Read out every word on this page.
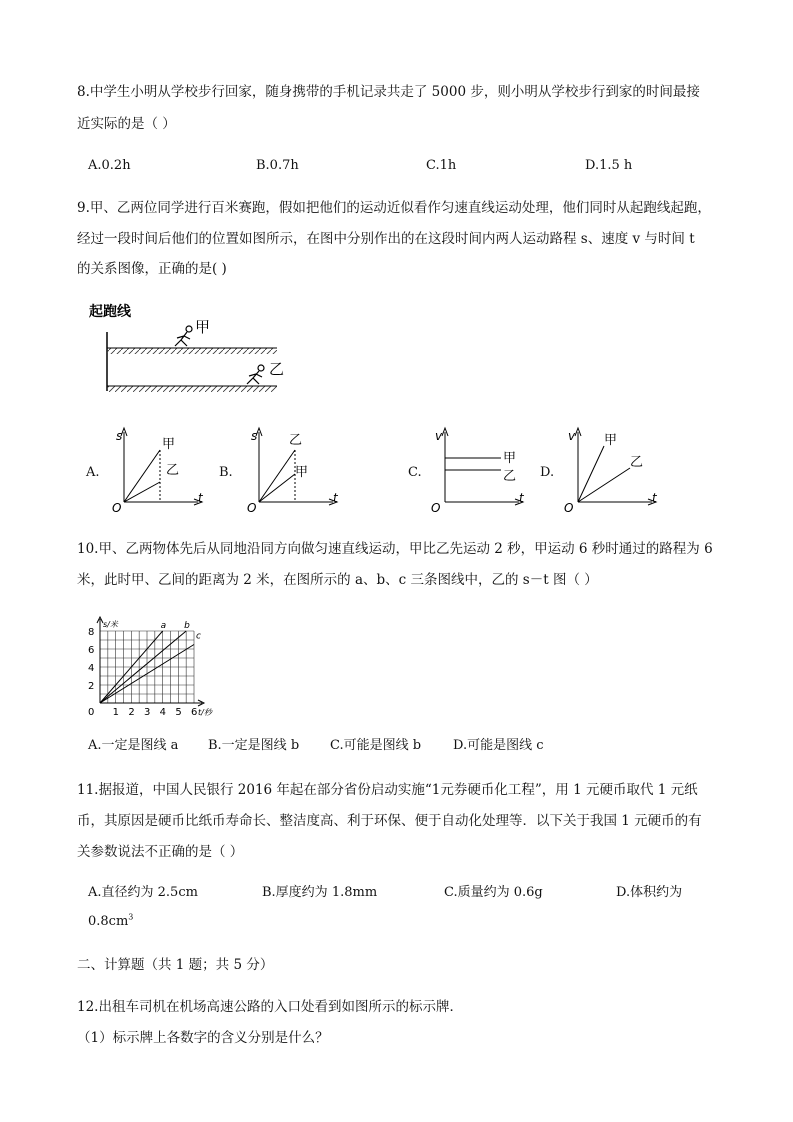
8.中学生小明从学校步行回家，随身携带的手机记录共走了 5000 步，则小明从学校步行到家的时间最接
近实际的是（ ）
A.0.2h	B.0.7h	C.1h	D.1.5 h
9.甲、乙两位同学进行百米赛跑，假如把他们的运动近似看作匀速直线运动处理，他们同时从起跑线起跑，
经过一段时间后他们的位置如图所示，在图中分别作出的在这段时间内两人运动路程 s、速度 v 与时间 t
的关系图像，正确的是( )
起跑线
甲
乙
A.
s
t
O
甲
乙	B.
s
t
O
乙
甲	C.
v
t
O
甲
乙 D.
v
t
O
甲
乙
10.甲、乙两物体先后从同地沿同方向做匀速直线运动，甲比乙先运动 2 秒，甲运动 6 秒时通过的路程为 6
米，此时甲、乙间的距离为 2 米，在图所示的 a、b、c 三条图线中，乙的 s－t 图（ ）
s/米
t/秒
0 1 2 3 4 5 6
2
4
6
8
a b
c
A.一定是图线 a B.一定是图线 b C.可能是图线 b D.可能是图线 c
11.据报道，中国人民银行 2016 年起在部分省份启动实施“1元券硬币化工程”，用 1 元硬币取代 1 元纸
币，其原因是硬币比纸币寿命长、整洁度高、利于环保、便于自动化处理等．以下关于我国 1 元硬币的有
关参数说法不正确的是（ ）
A.直径约为 2.5cm	B.厚度约为 1.8mm	C.质量约为 0.6g	D.体积约为
$0.8cm^3$
二、计算题（共 1 题；共 5 分）
12.出租车司机在机场高速公路的入口处看到如图所示的标示牌．
（1）标示牌上各数字的含义分别是什么？
